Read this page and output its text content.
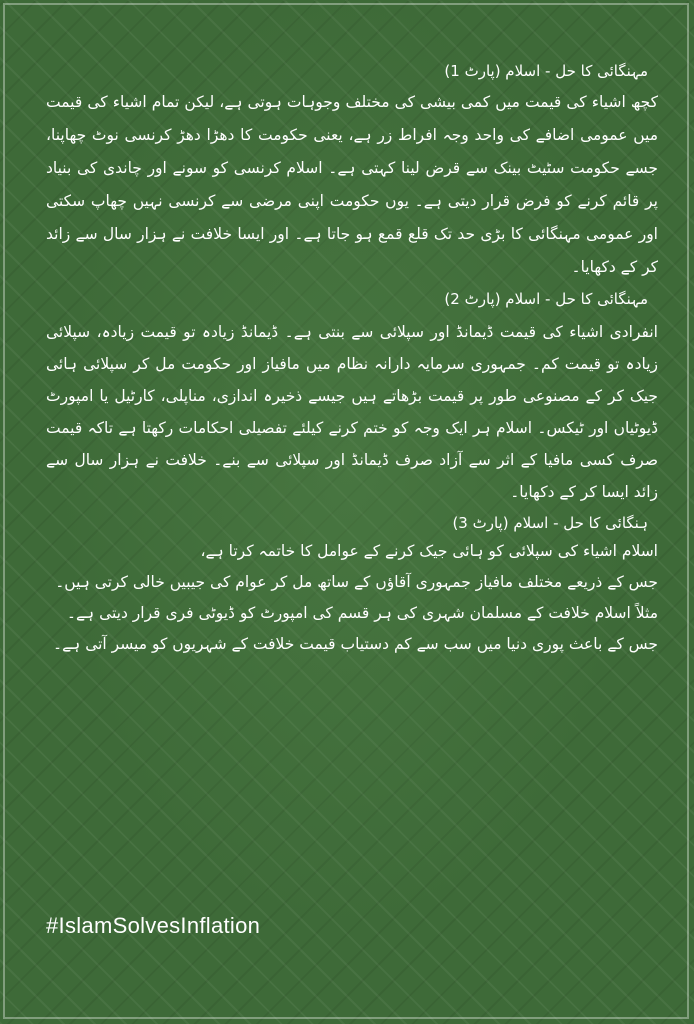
مہنگائی کا حل - اسلام (پارٹ 1)
کچھ اشیاء کی قیمت میں کمی بیشی کی مختلف وجوہات ہوتی ہے، لیکن تمام اشیاء کی قیمت میں عمومی اضافے کی واحد وجہ افراط زر ہے، یعنی حکومت کا دھڑا دھڑ کرنسی نوٹ چھاپنا، جسے حکومت سٹیٹ بینک سے قرض لینا کہتی ہے۔ اسلام کرنسی کو سونے اور چاندی کی بنیاد پر قائم کرنے کو فرض قرار دیتی ہے۔ یوں حکومت اپنی مرضی سے کرنسی نہیں چھاپ سکتی اور عمومی مہنگائی کا بڑی حد تک قلع قمع ہو جاتا ہے۔ اور ایسا خلافت نے ہزار سال سے زائد کر کے دکھایا۔
مہنگائی کا حل - اسلام (پارٹ 2)
انفرادی اشیاء کی قیمت ڈیمانڈ اور سپلائی سے بنتی ہے۔ ڈیمانڈ زیادہ تو قیمت زیادہ، سپلائی زیادہ تو قیمت کم۔ جمہوری سرمایہ دارانہ نظام میں مافیاز اور حکومت مل کر سپلائی ہائی جیک کر کے مصنوعی طور پر قیمت بڑھاتے ہیں جیسے ذخیرہ اندازی، مناپلی، کارٹیل یا امپورٹ ڈیوٹیاں اور ٹیکس۔ اسلام ہر ایک وجہ کو ختم کرنے کیلئے تفصیلی احکامات رکھتا ہے تاکہ قیمت صرف کسی مافیا کے اثر سے آزاد صرف ڈیمانڈ اور سپلائی سے بنے۔ خلافت نے ہزار سال سے زائد ایسا کر کے دکھایا۔
ہنگائی کا حل - اسلام (پارٹ 3)
اسلام اشیاء کی سپلائی کو ہائی جیک کرنے کے عوامل کا خاتمہ کرتا ہے،
جس کے ذریعے مختلف مافیاز جمہوری آقاؤں کے ساتھ مل کر عوام کی جیبیں خالی کرتی ہیں۔
مثلاً اسلام خلافت کے مسلمان شہری کی ہر قسم کی امپورٹ کو ڈیوٹی فری قرار دیتی ہے۔
جس کے باعث پوری دنیا میں سب سے کم دستیاب قیمت خلافت کے شہریوں کو میسر آتی ہے۔
#IslamSolvesInflation
